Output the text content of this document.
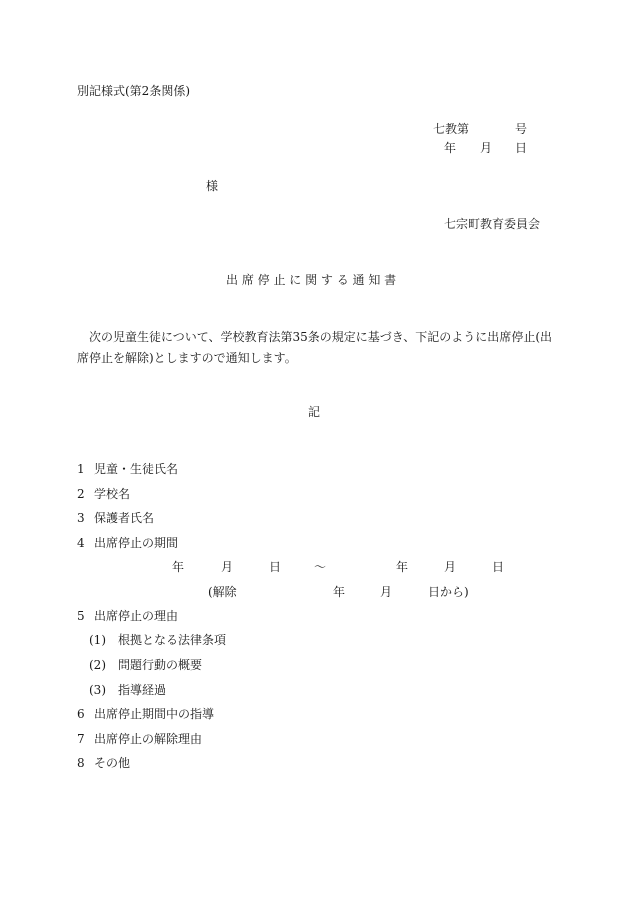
別記様式(第2条関係)
七教第	号
年 月 日
様
七宗町教育委員会
出 席 停 止 に 関 す る 通 知 書
次の児童生徒について、学校教育法第35条の規定に基づき、下記のように出席停止(出
席停止を解除)としますので通知します。
記
1 児童・生徒氏名
2 学校名
3 保護者氏名
4 出席停止の期間
年	月	日	～	年	月	日
(解除	年	月	日から)
5 出席停止の理由
(1) 根拠となる法律条項
(2) 問題行動の概要
(3) 指導経過
6 出席停止期間中の指導
7 出席停止の解除理由
8 その他
